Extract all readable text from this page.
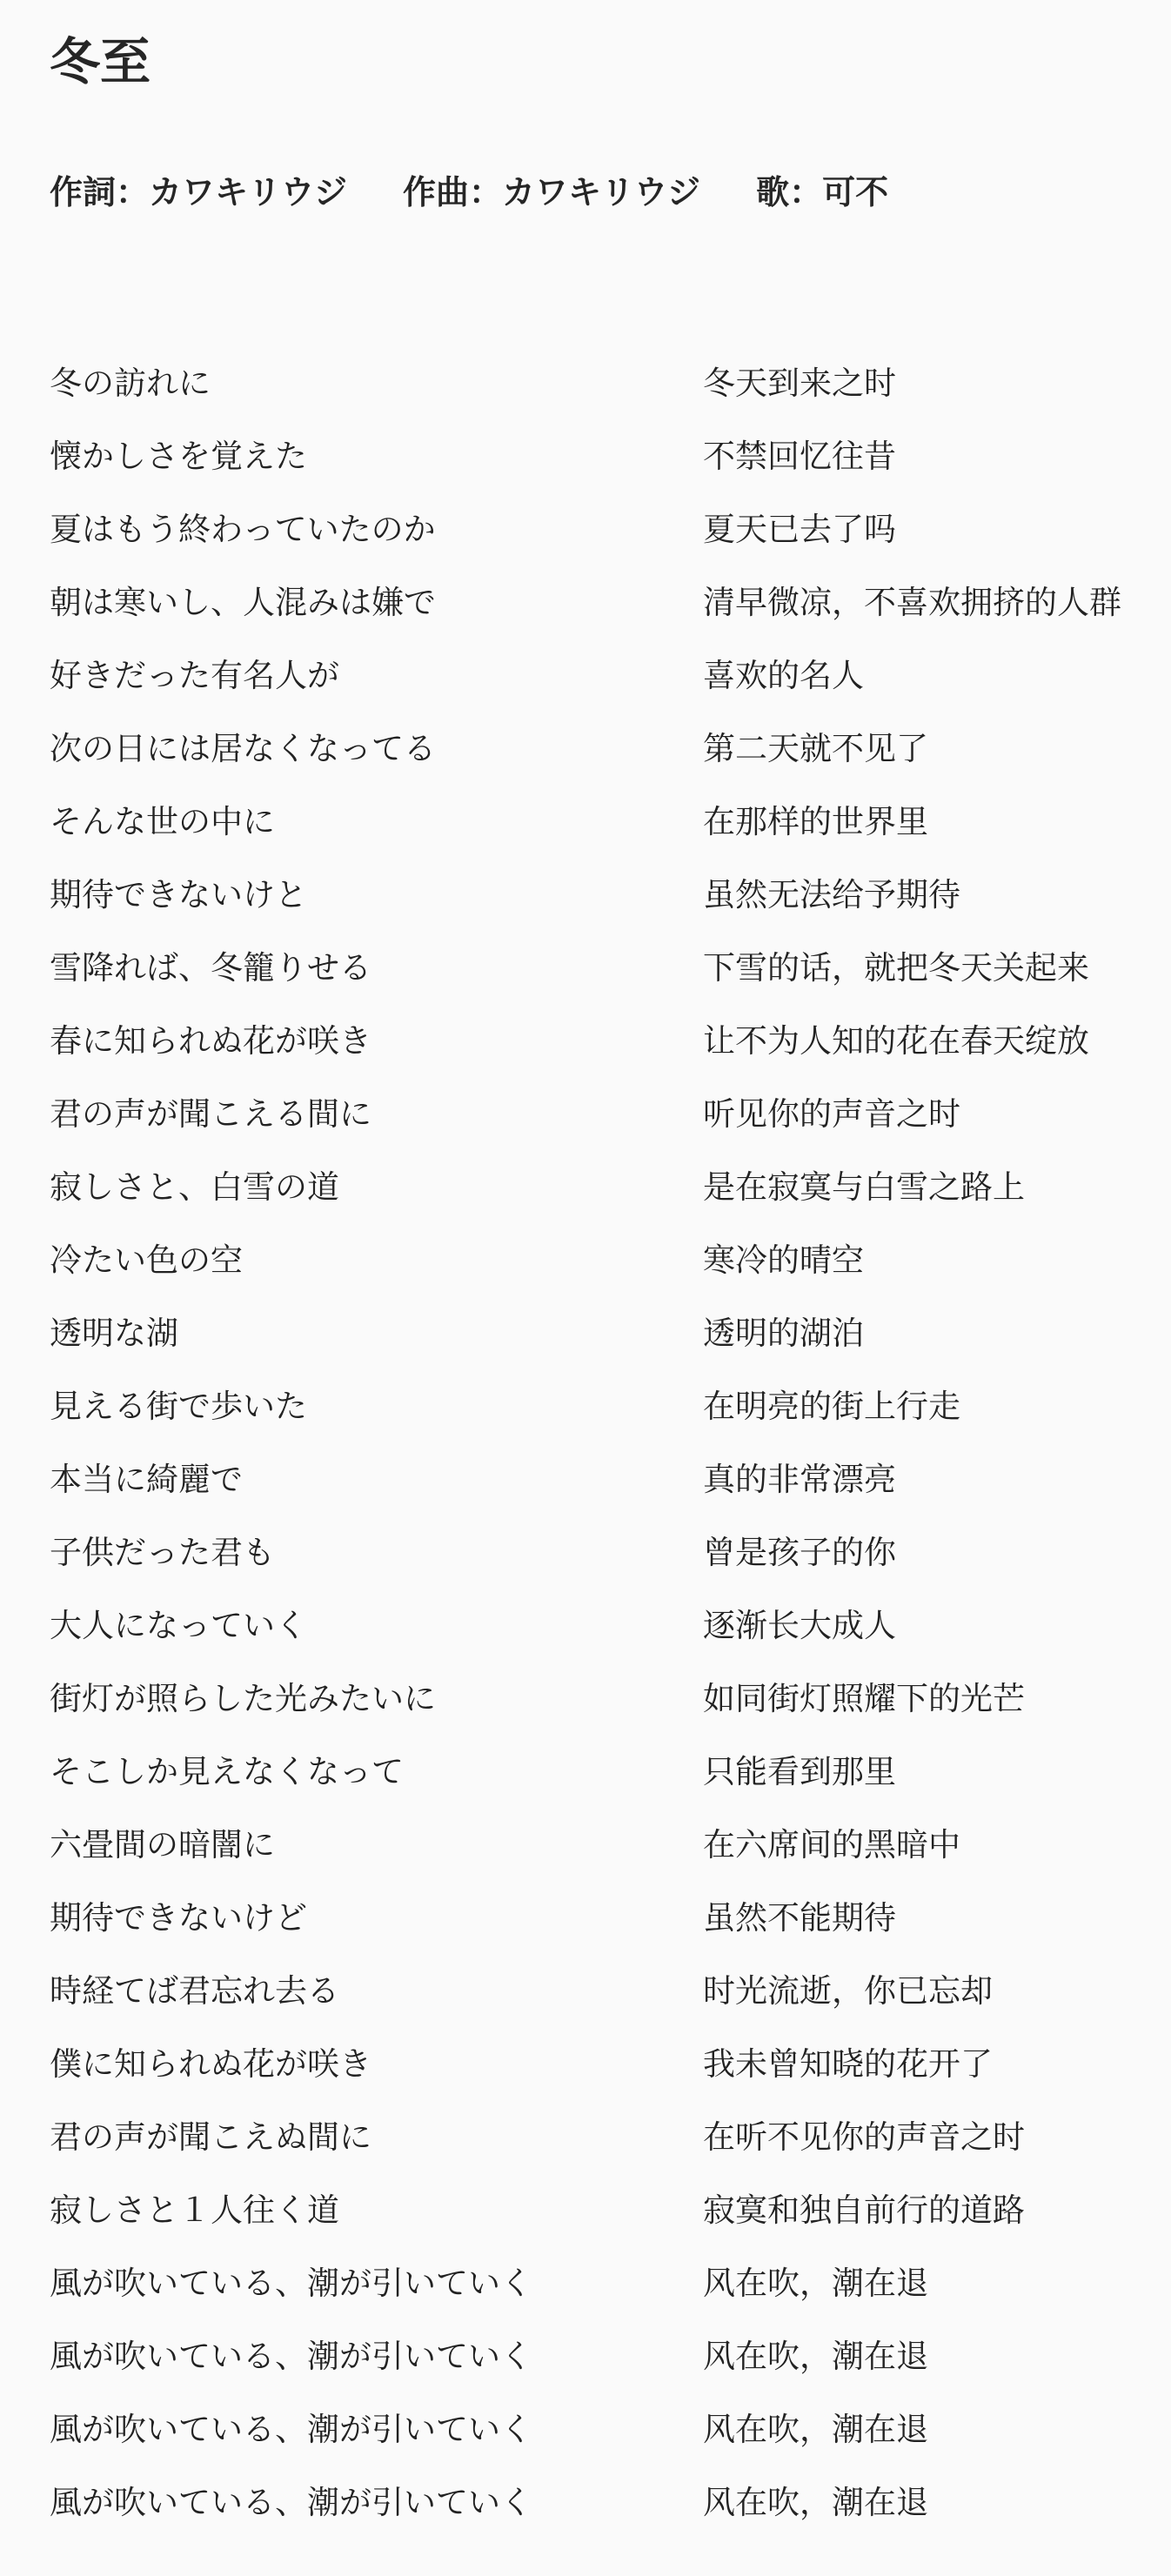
冬至
作詞： カワキリウジ 作曲： カワキリウジ 歌： 可不
冬の訪れに	冬天到来之时
懐かしさを覚えた	不禁回忆往昔
夏はもう終わっていたのか	夏天已去了吗
朝は寒いし、人混みは嫌で	清早微凉，不喜欢拥挤的人群
好きだった有名人が	喜欢的名人
次の日には居なくなってる	第二天就不见了
そんな世の中に	在那样的世界里
期待できないけと	虽然无法给予期待
雪降れば、冬籠りせる	下雪的话，就把冬天关起来
春に知られぬ花が咲き	让不为人知的花在春天绽放
君の声が聞こえる間に	听见你的声音之时
寂しさと、白雪の道	是在寂寞与白雪之路上
冷たい色の空	寒冷的晴空
透明な湖	透明的湖泊
見える街で歩いた	在明亮的街上行走
本当に綺麗で	真的非常漂亮
子供だった君も	曾是孩子的你
大人になっていく	逐渐长大成人
街灯が照らした光みたいに	如同街灯照耀下的光芒
そこしか見えなくなって	只能看到那里
六畳間の暗闇に	在六席间的黑暗中
期待できないけど	虽然不能期待
時経てば君忘れ去る	时光流逝，你已忘却
僕に知られぬ花が咲き	我未曾知晓的花开了
君の声が聞こえぬ間に	在听不见你的声音之时
寂しさと１人往く道	寂寞和独自前行的道路
風が吹いている、潮が引いていく	风在吹，潮在退
風が吹いている、潮が引いていく	风在吹，潮在退
風が吹いている、潮が引いていく	风在吹，潮在退
風が吹いている、潮が引いていく	风在吹，潮在退
